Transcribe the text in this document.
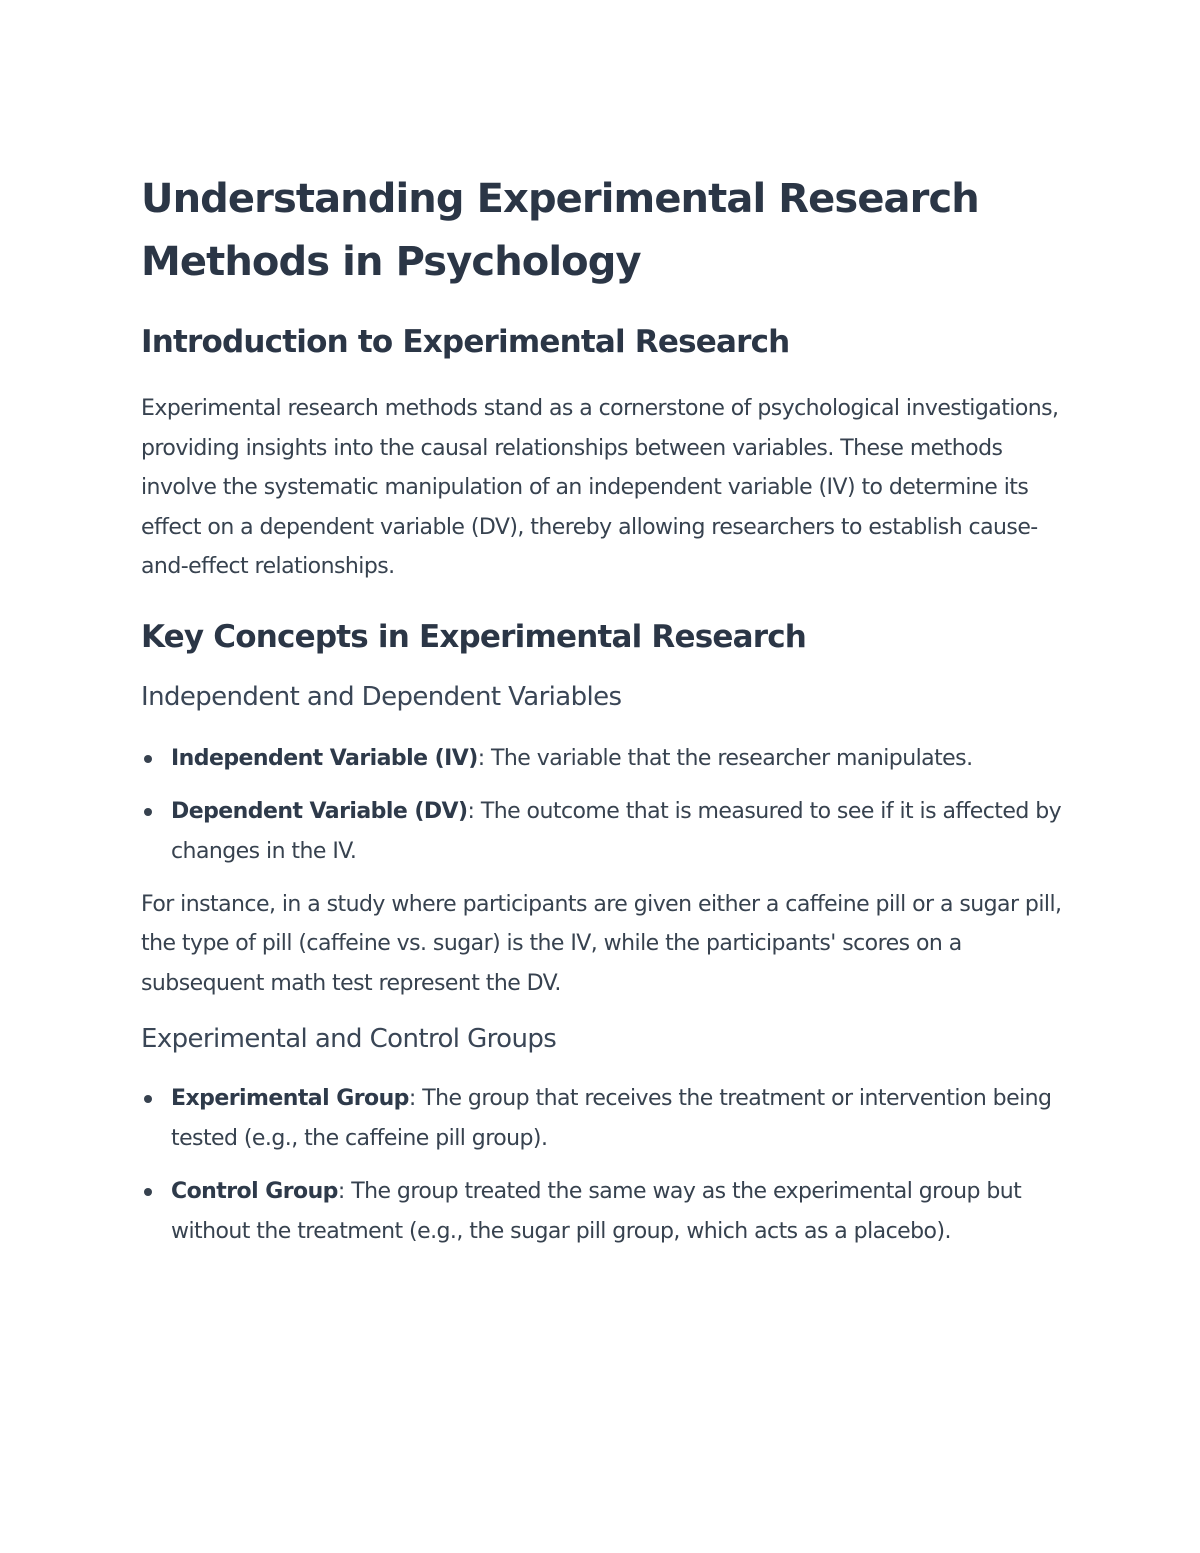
Understanding Experimental Research Methods in Psychology
Introduction to Experimental Research

Experimental research methods stand as a cornerstone of psychological investigations, providing insights into the causal relationships between variables. These methods involve the systematic manipulation of an independent variable (IV) to determine its effect on a dependent variable (DV), thereby allowing researchers to establish cause-and-effect relationships.

Key Concepts in Experimental Research
Independent and Dependent Variables
Independent Variable (IV): The variable that the researcher manipulates.
Dependent Variable (DV): The outcome that is measured to see if it is affected by changes in the IV.

For instance, in a study where participants are given either a caffeine pill or a sugar pill, the type of pill (caffeine vs. sugar) is the IV, while the participants' scores on a subsequent math test represent the DV.

Experimental and Control Groups
Experimental Group: The group that receives the treatment or intervention being tested (e.g., the caffeine pill group).
Control Group: The group treated the same way as the experimental group but without the treatment (e.g., the sugar pill group, which acts as a placebo).
